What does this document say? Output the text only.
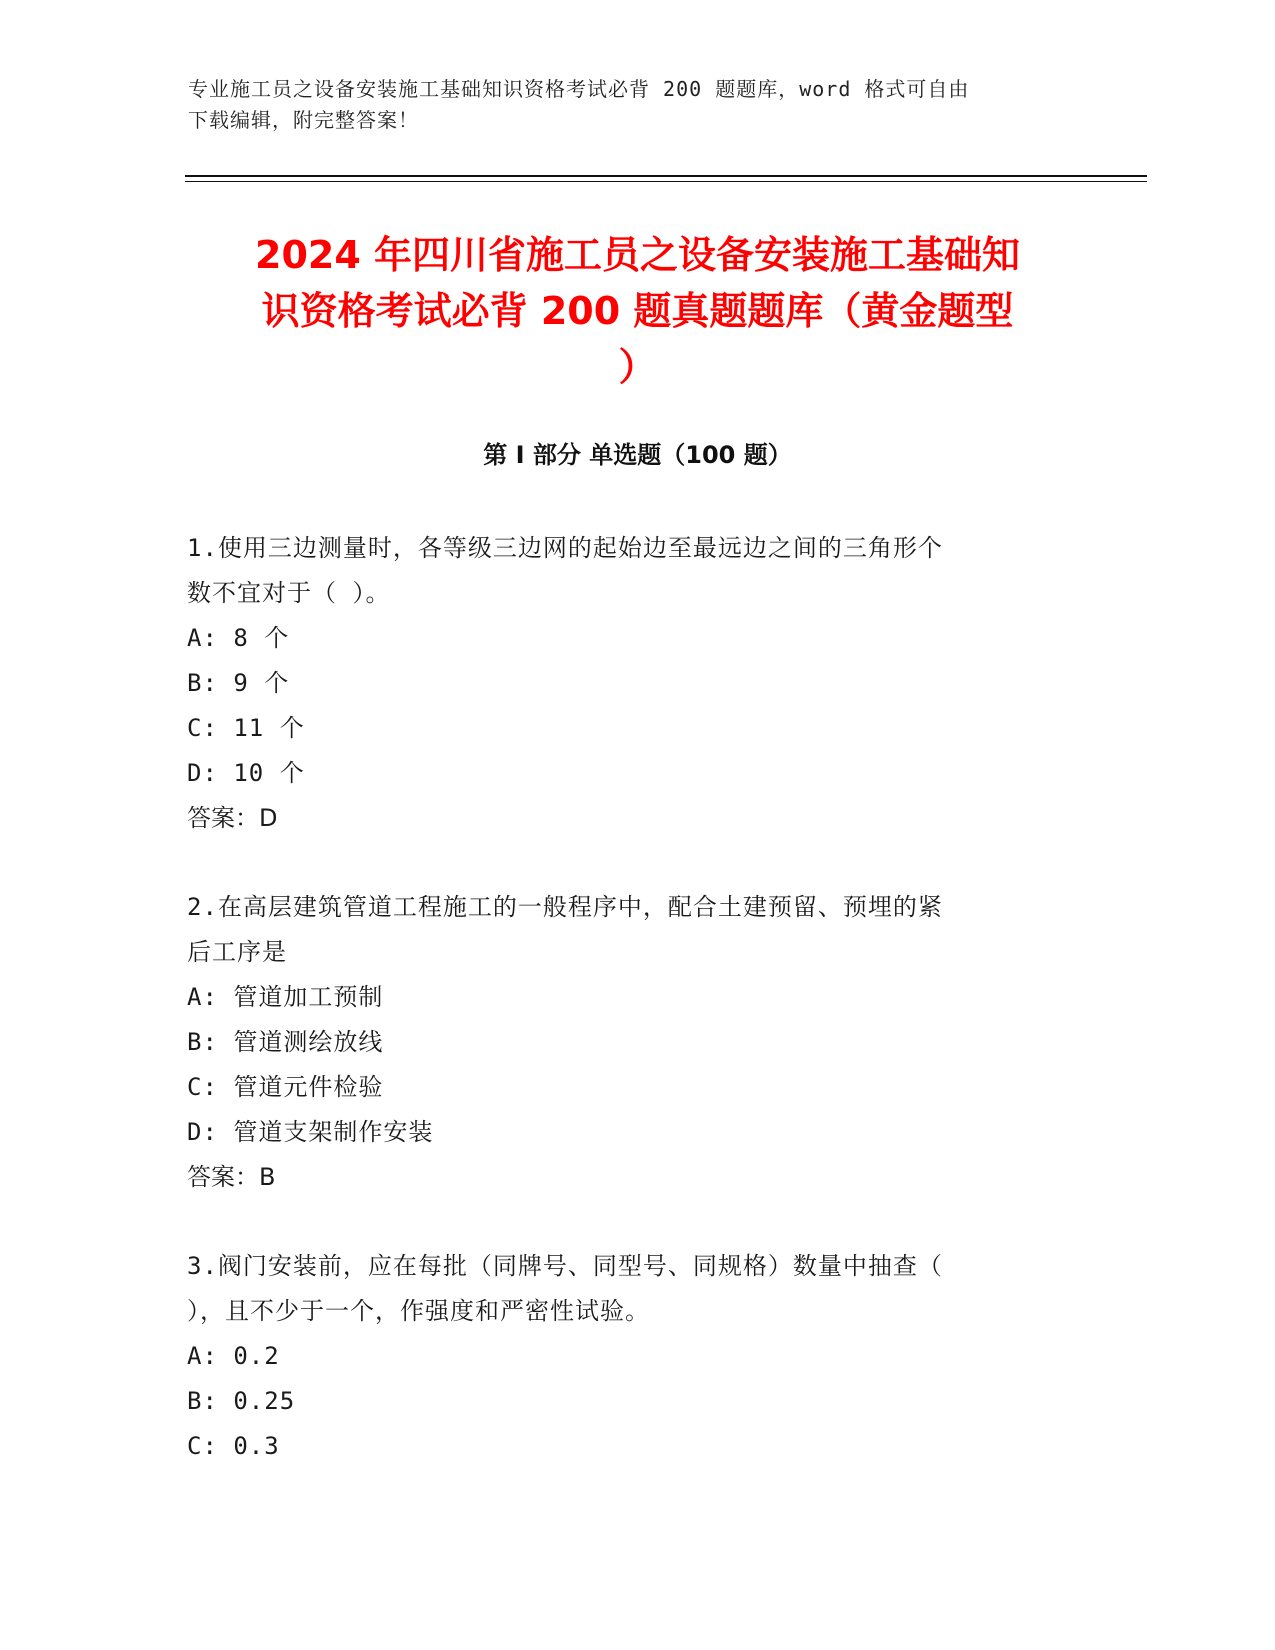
专业施工员之设备安装施工基础知识资格考试必背 200 题题库，word 格式可自由
下载编辑，附完整答案！
2024 年四川省施工员之设备安装施工基础知
识资格考试必背 200 题真题题库（黄金题型
）
第 I 部分 单选题（100 题）
1.使用三边测量时，各等级三边网的起始边至最远边之间的三角形个
数不宜对于（ ）。
A: 8 个
B: 9 个
C: 11 个
D: 10 个
答案：D
2.在高层建筑管道工程施工的一般程序中，配合土建预留、预埋的紧
后工序是
A: 管道加工预制
B: 管道测绘放线
C: 管道元件检验
D: 管道支架制作安装
答案：B
3.阀门安装前，应在每批（同牌号、同型号、同规格）数量中抽查（
），且不少于一个，作强度和严密性试验。
A: 0.2
B: 0.25
C: 0.3
